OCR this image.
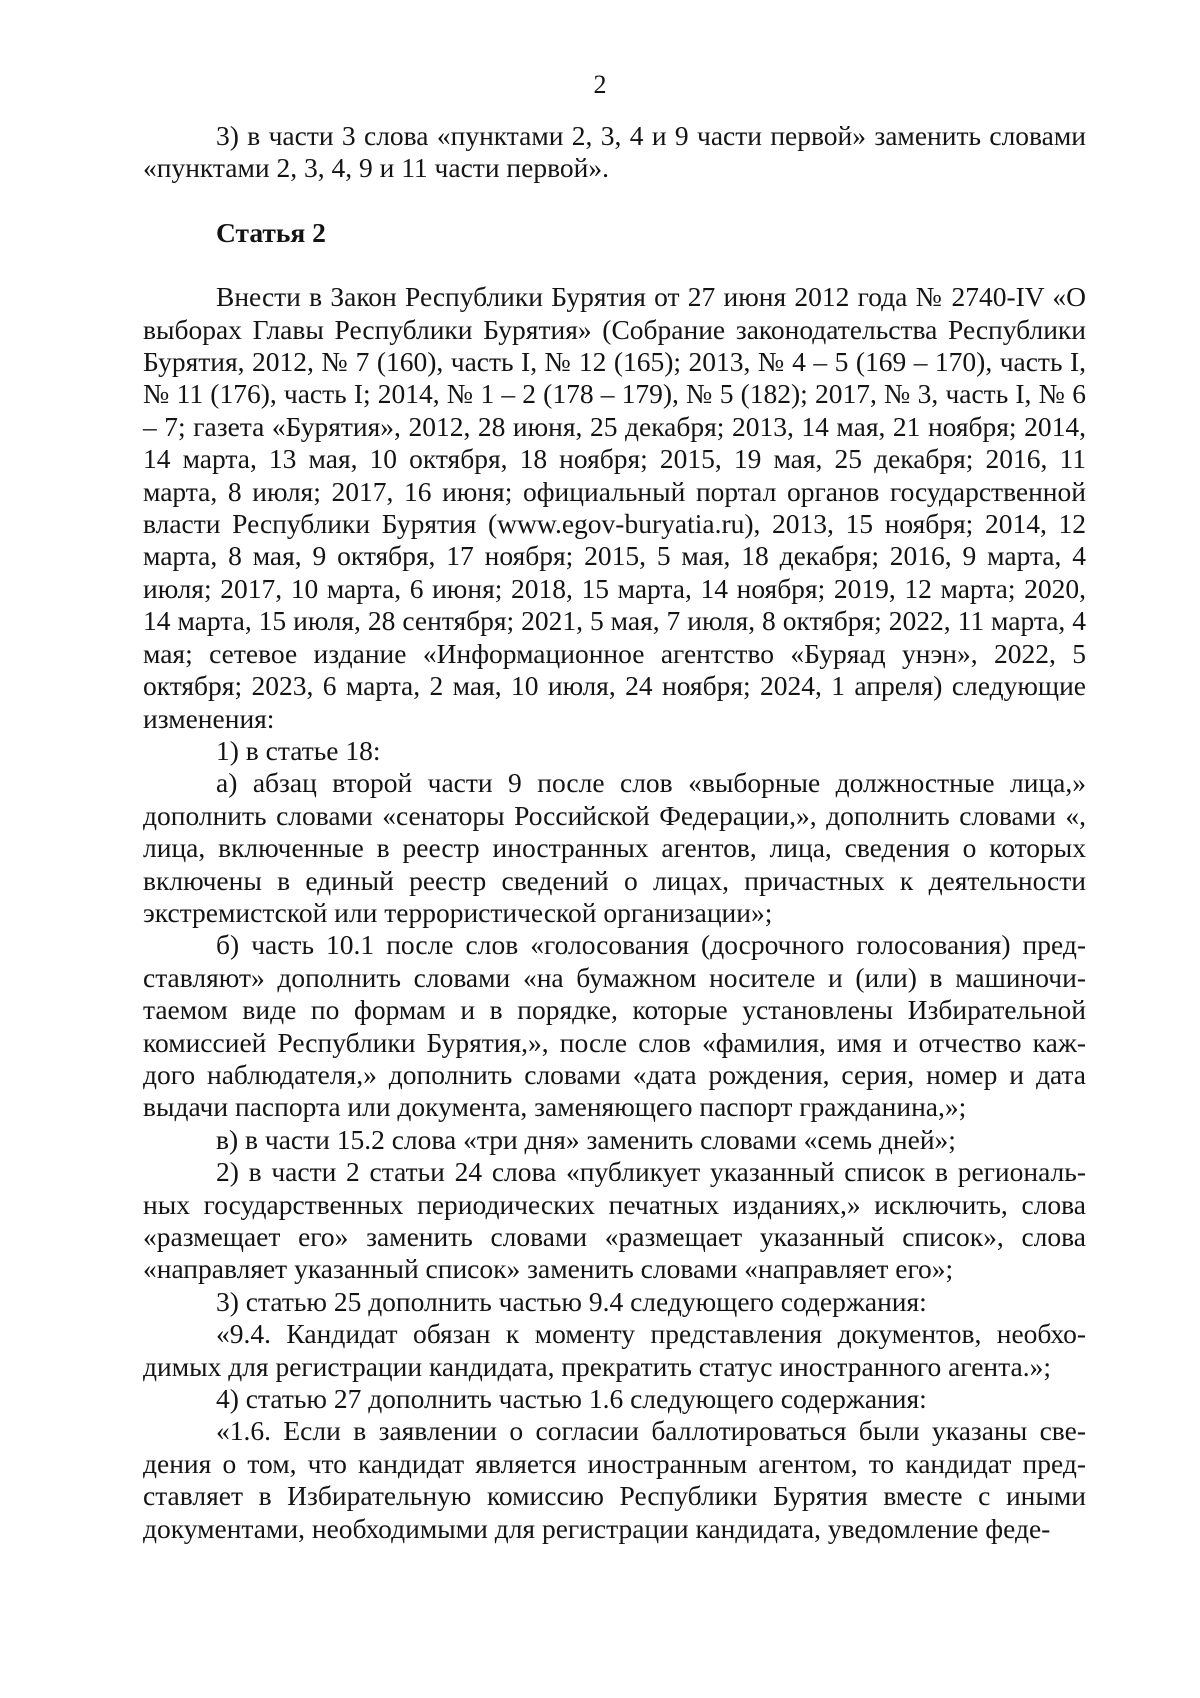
2

3) в части 3 слова «пунктами 2, 3, 4 и 9 части первой» заменить словами «пунктами 2, 3, 4, 9 и 11 части первой».

Статья 2

Внести в Закон Республики Бурятия от 27 июня 2012 года № 2740-IV «О выборах Главы Республики Бурятия» (Собрание законодательства Республики Бурятия, 2012, № 7 (160), часть I, № 12 (165); 2013, № 4 – 5 (169 – 170), часть I, № 11 (176), часть I; 2014, № 1 – 2 (178 – 179), № 5 (182); 2017, № 3, часть I, № 6 – 7; газета «Бурятия», 2012, 28 июня, 25 декабря; 2013, 14 мая, 21 ноября; 2014, 14 марта, 13 мая, 10 октября, 18 ноября; 2015, 19 мая, 25 декабря; 2016, 11 марта, 8 июля; 2017, 16 июня; официальный портал органов государственной власти Республики Бурятия (www.egov-buryatia.ru), 2013, 15 ноября; 2014, 12 марта, 8 мая, 9 октября, 17 ноября; 2015, 5 мая, 18 декабря; 2016, 9 марта, 4 июля; 2017, 10 марта, 6 июня; 2018, 15 марта, 14 ноября; 2019, 12 марта; 2020, 14 марта, 15 июля, 28 сентября; 2021, 5 мая, 7 июля, 8 октября; 2022, 11 марта, 4 мая; сетевое издание «Информационное агентство «Буряад унэн», 2022, 5 октября; 2023, 6 марта, 2 мая, 10 июля, 24 ноября; 2024, 1 апреля) следующие изменения:

1) в статье 18:

а) абзац второй части 9 после слов «выборные должностные лица,» дополнить словами «сенаторы Российской Федерации,», дополнить словами «, лица, включенные в реестр иностранных агентов, лица, сведения о которых включены в единый реестр сведений о лицах, причастных к деятельности экстремистской или террористической организации»;

б) часть 10.1 после слов «голосования (досрочного голосования) представляют» дополнить словами «на бумажном носителе и (или) в машиночитаемом виде по формам и в порядке, которые установлены Избирательной комиссией Республики Бурятия,», после слов «фамилия, имя и отчество каждого наблюдателя,» дополнить словами «дата рождения, серия, номер и дата выдачи паспорта или документа, заменяющего паспорт гражданина,»;

в) в части 15.2 слова «три дня» заменить словами «семь дней»;

2) в части 2 статьи 24 слова «публикует указанный список в региональных государственных периодических печатных изданиях,» исключить, слова «размещает его» заменить словами «размещает указанный список», слова «направляет указанный список» заменить словами «направляет его»;

3) статью 25 дополнить частью 9.4 следующего содержания:

«9.4. Кандидат обязан к моменту представления документов, необходимых для регистрации кандидата, прекратить статус иностранного агента.»;

4) статью 27 дополнить частью 1.6 следующего содержания:

«1.6. Если в заявлении о согласии баллотироваться были указаны сведения о том, что кандидат является иностранным агентом, то кандидат представляет в Избирательную комиссию Республики Бурятия вместе с иными документами, необходимыми для регистрации кандидата, уведомление феде-
